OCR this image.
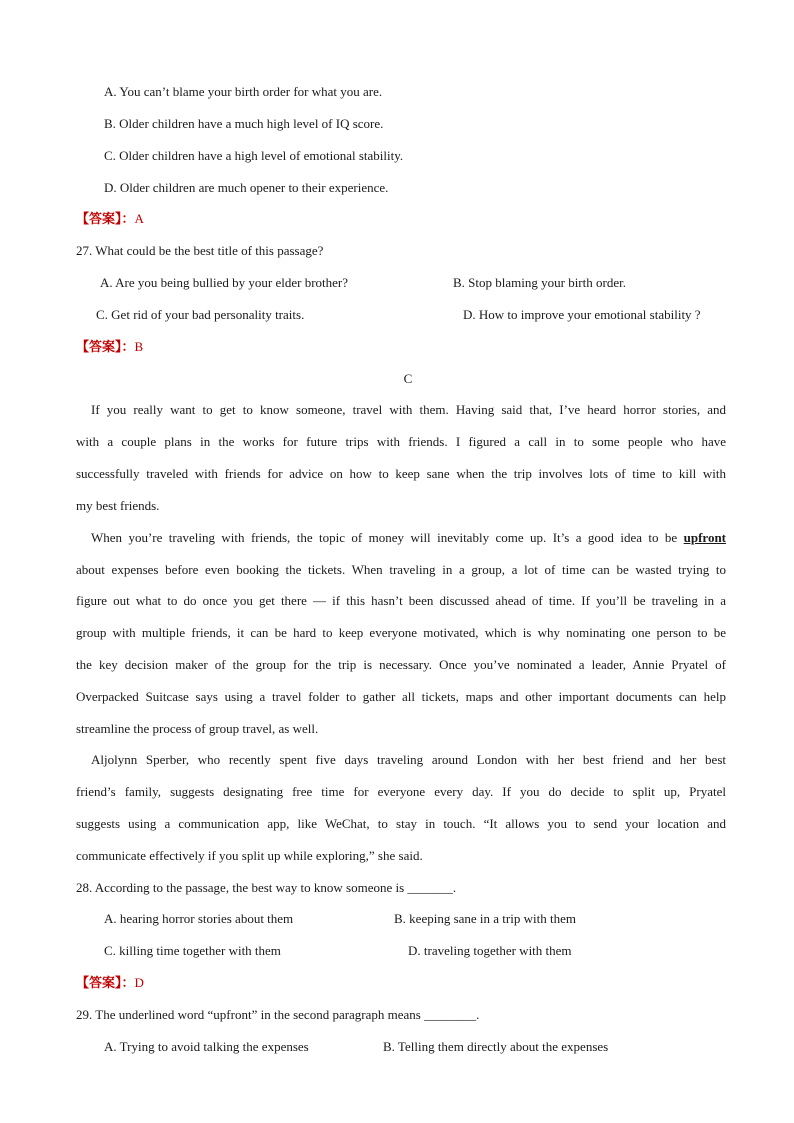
A. You can’t blame your birth order for what you are.
B. Older children have a much high level of IQ score.
C. Older children have a high level of emotional stability.
D. Older children are much opener to their experience.
【答案】：A
27. What could be the best title of this passage?
A. Are you being bullied by your elder brother?	B. Stop blaming your birth order.
C. Get rid of your bad personality traits.	D. How to improve your emotional stability ?
【答案】：B
C
If you really want to get to know someone, travel with them. Having said that, I’ve heard horror stories, and
with a couple plans in the works for future trips with friends. I figured a call in to some people who have
successfully traveled with friends for advice on how to keep sane when the trip involves lots of time to kill with
my best friends.
When you’re traveling with friends, the topic of money will inevitably come up. It’s a good idea to be upfront
about expenses before even booking the tickets. When traveling in a group, a lot of time can be wasted trying to
figure out what to do once you get there — if this hasn’t been discussed ahead of time. If you’ll be traveling in a
group with multiple friends, it can be hard to keep everyone motivated, which is why nominating one person to be
the key decision maker of the group for the trip is necessary. Once you’ve nominated a leader, Annie Pryatel of
Overpacked Suitcase says using a travel folder to gather all tickets, maps and other important documents can help
streamline the process of group travel, as well.
Aljolynn Sperber, who recently spent five days traveling around London with her best friend and her best
friend’s family, suggests designating free time for everyone every day. If you do decide to split up, Pryatel
suggests using a communication app, like WeChat, to stay in touch. “It allows you to send your location and
communicate effectively if you split up while exploring,” she said.
28. According to the passage, the best way to know someone is _______.
A. hearing horror stories about them	B. keeping sane in a trip with them
C. killing time together with them	D. traveling together with them
【答案】：D
29. The underlined word “upfront” in the second paragraph means ________.
A. Trying to avoid talking the expenses	B. Telling them directly about the expenses
